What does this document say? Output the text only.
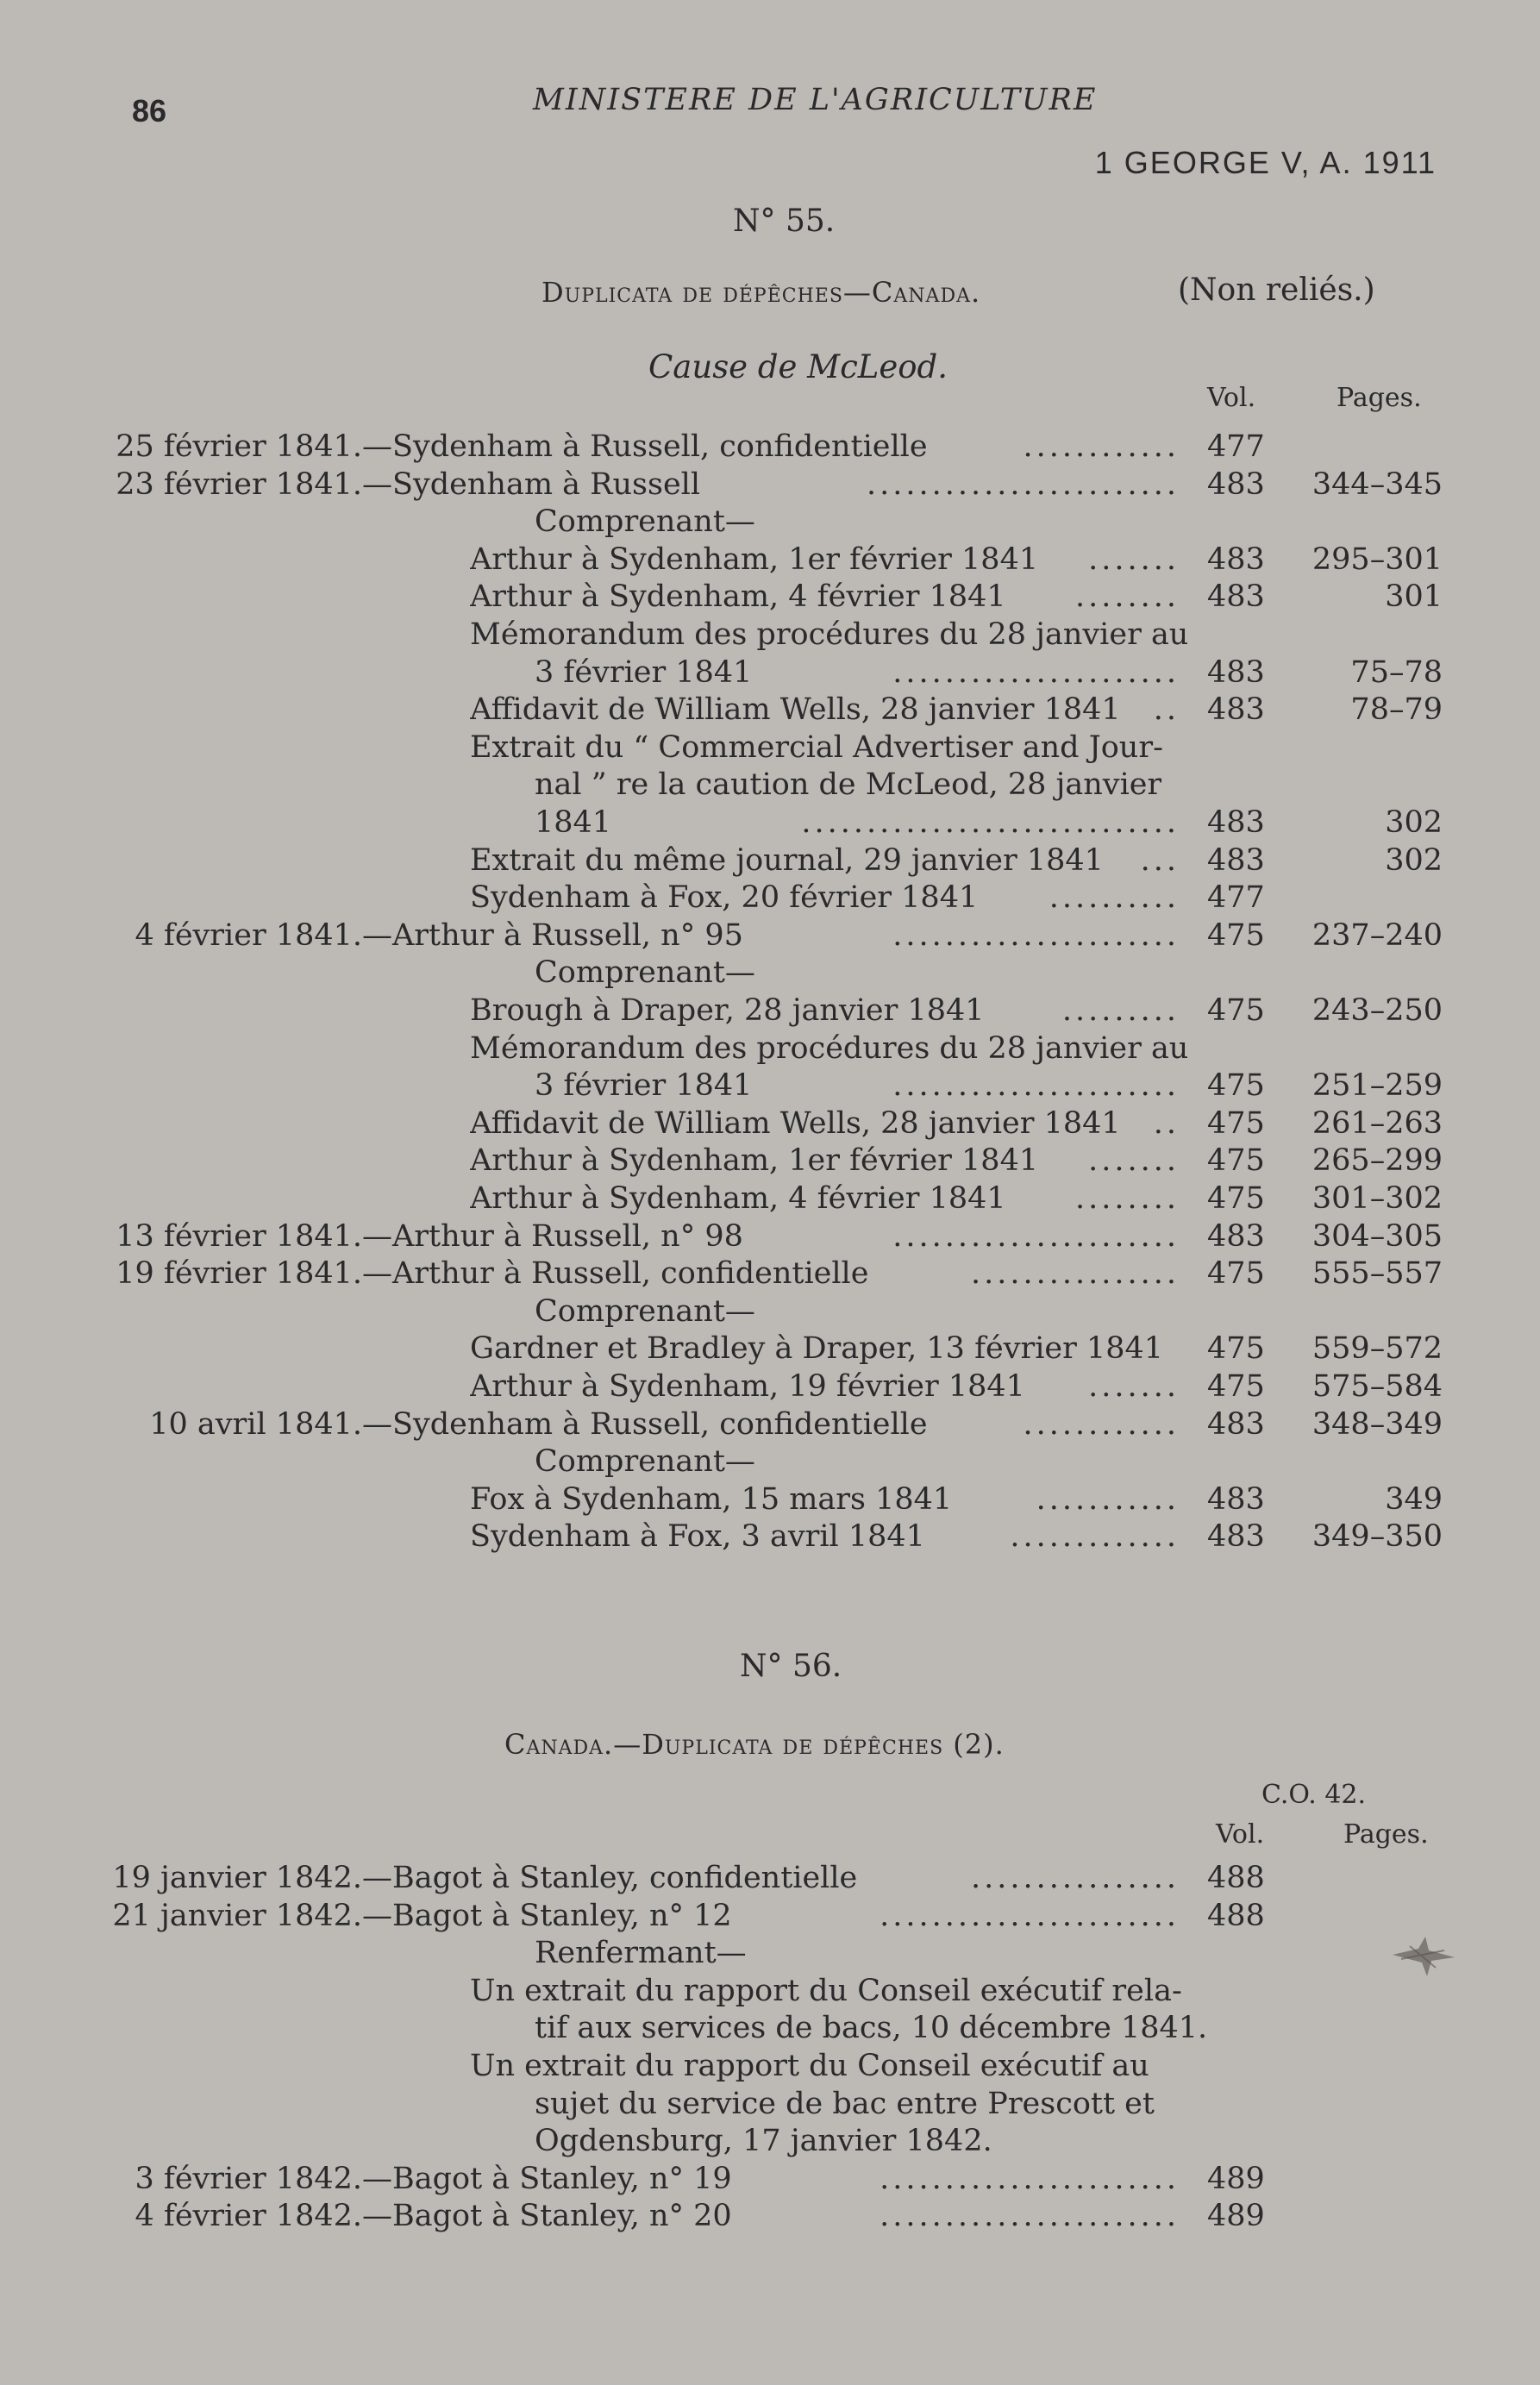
86	MINISTERE DE L'AGRICULTURE
1 GEORGE V, A. 1911
N° 55.
Duplicata de dépêches—Canada.	(Non reliés.)
Cause de McLeod.
Vol.	Pages.
25 février 1841. —Sydenham à Russell, confidentielle	............ 477
23 février 1841. —Sydenham à Russell	........................ 483 344–345
Comprenant—
Arthur à Sydenham, 1er février 1841 ....... 483 295–301
Arthur à Sydenham, 4 février 1841 ........ 483	301
Mémorandum des procédures du 28 janvier au
3 février 1841	...................... 483	75–78
Affidavit de William Wells, 28 janvier 1841 .. 483	78–79
Extrait du “ Commercial Advertiser and Jour-
nal ” re la caution de McLeod, 28 janvier
1841	............................. 483	302
Extrait du même journal, 29 janvier 1841 ... 483	302
Sydenham à Fox, 20 février 1841 .......... 477
4 février 1841. —Arthur à Russell, n° 95	...................... 475 237–240
Comprenant—
Brough à Draper, 28 janvier 1841	......... 475 243–250
Mémorandum des procédures du 28 janvier au
3 février 1841	...................... 475 251–259
Affidavit de William Wells, 28 janvier 1841 .. 475 261–263
Arthur à Sydenham, 1er février 1841 ....... 475 265–299
Arthur à Sydenham, 4 février 1841 ........ 475 301–302
13 février 1841. —Arthur à Russell, n° 98	...................... 483 304–305
19 février 1841. —Arthur à Russell, confidentielle	................ 475 555–557
Comprenant—
Gardner et Bradley à Draper, 13 février 1841 475 559–572
Arthur à Sydenham, 19 février 1841 ....... 475 575–584
10 avril 1841. —Sydenham à Russell, confidentielle	............ 483 348–349
Comprenant—
Fox à Sydenham, 15 mars 1841	........... 483	349
Sydenham à Fox, 3 avril 1841	............. 483 349–350
N° 56.
Canada.—Duplicata de dépêches (2).
C.O. 42.
Vol.	Pages.
19 janvier 1842. —Bagot à Stanley, confidentielle	................ 488
21 janvier 1842. —Bagot à Stanley, n° 12	....................... 488
Renfermant—
Un extrait du rapport du Conseil exécutif rela-
tif aux services de bacs, 10 décembre 1841.
Un extrait du rapport du Conseil exécutif au
sujet du service de bac entre Prescott et
Ogdensburg, 17 janvier 1842.
3 février 1842. —Bagot à Stanley, n° 19	....................... 489
4 février 1842. —Bagot à Stanley, n° 20	....................... 489
